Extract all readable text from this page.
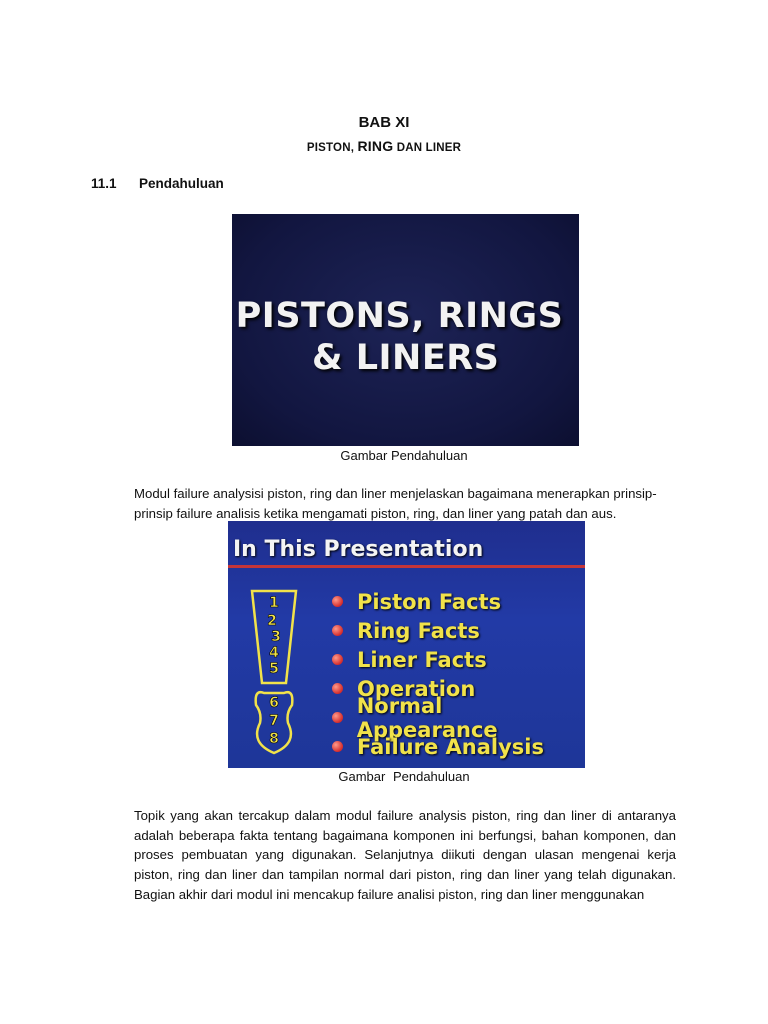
BAB XI
PISTON, RING DAN LINER
11.1 Pendahuluan
PISTONS, RINGS
& LINERS
Gambar Pendahuluan
Modul failure analysisi piston, ring dan liner menjelaskan bagaimana menerapkan prinsip-prinsip failure analisis ketika mengamati piston, ring, dan liner yang patah dan aus.
In This Presentation
1
2
3
4
5
6
7
8
Piston Facts
Ring Facts
Liner Facts
Operation
Normal Appearance
Failure Analysis
Gambar Pendahuluan
Topik yang akan tercakup dalam modul failure analysis piston, ring dan liner di antaranya adalah beberapa fakta tentang bagaimana komponen ini berfungsi, bahan komponen, dan proses pembuatan yang digunakan. Selanjutnya diikuti dengan ulasan mengenai kerja piston, ring dan liner dan tampilan normal dari piston, ring dan liner yang telah digunakan. Bagian akhir dari modul ini mencakup failure analisi piston, ring dan liner menggunakan
